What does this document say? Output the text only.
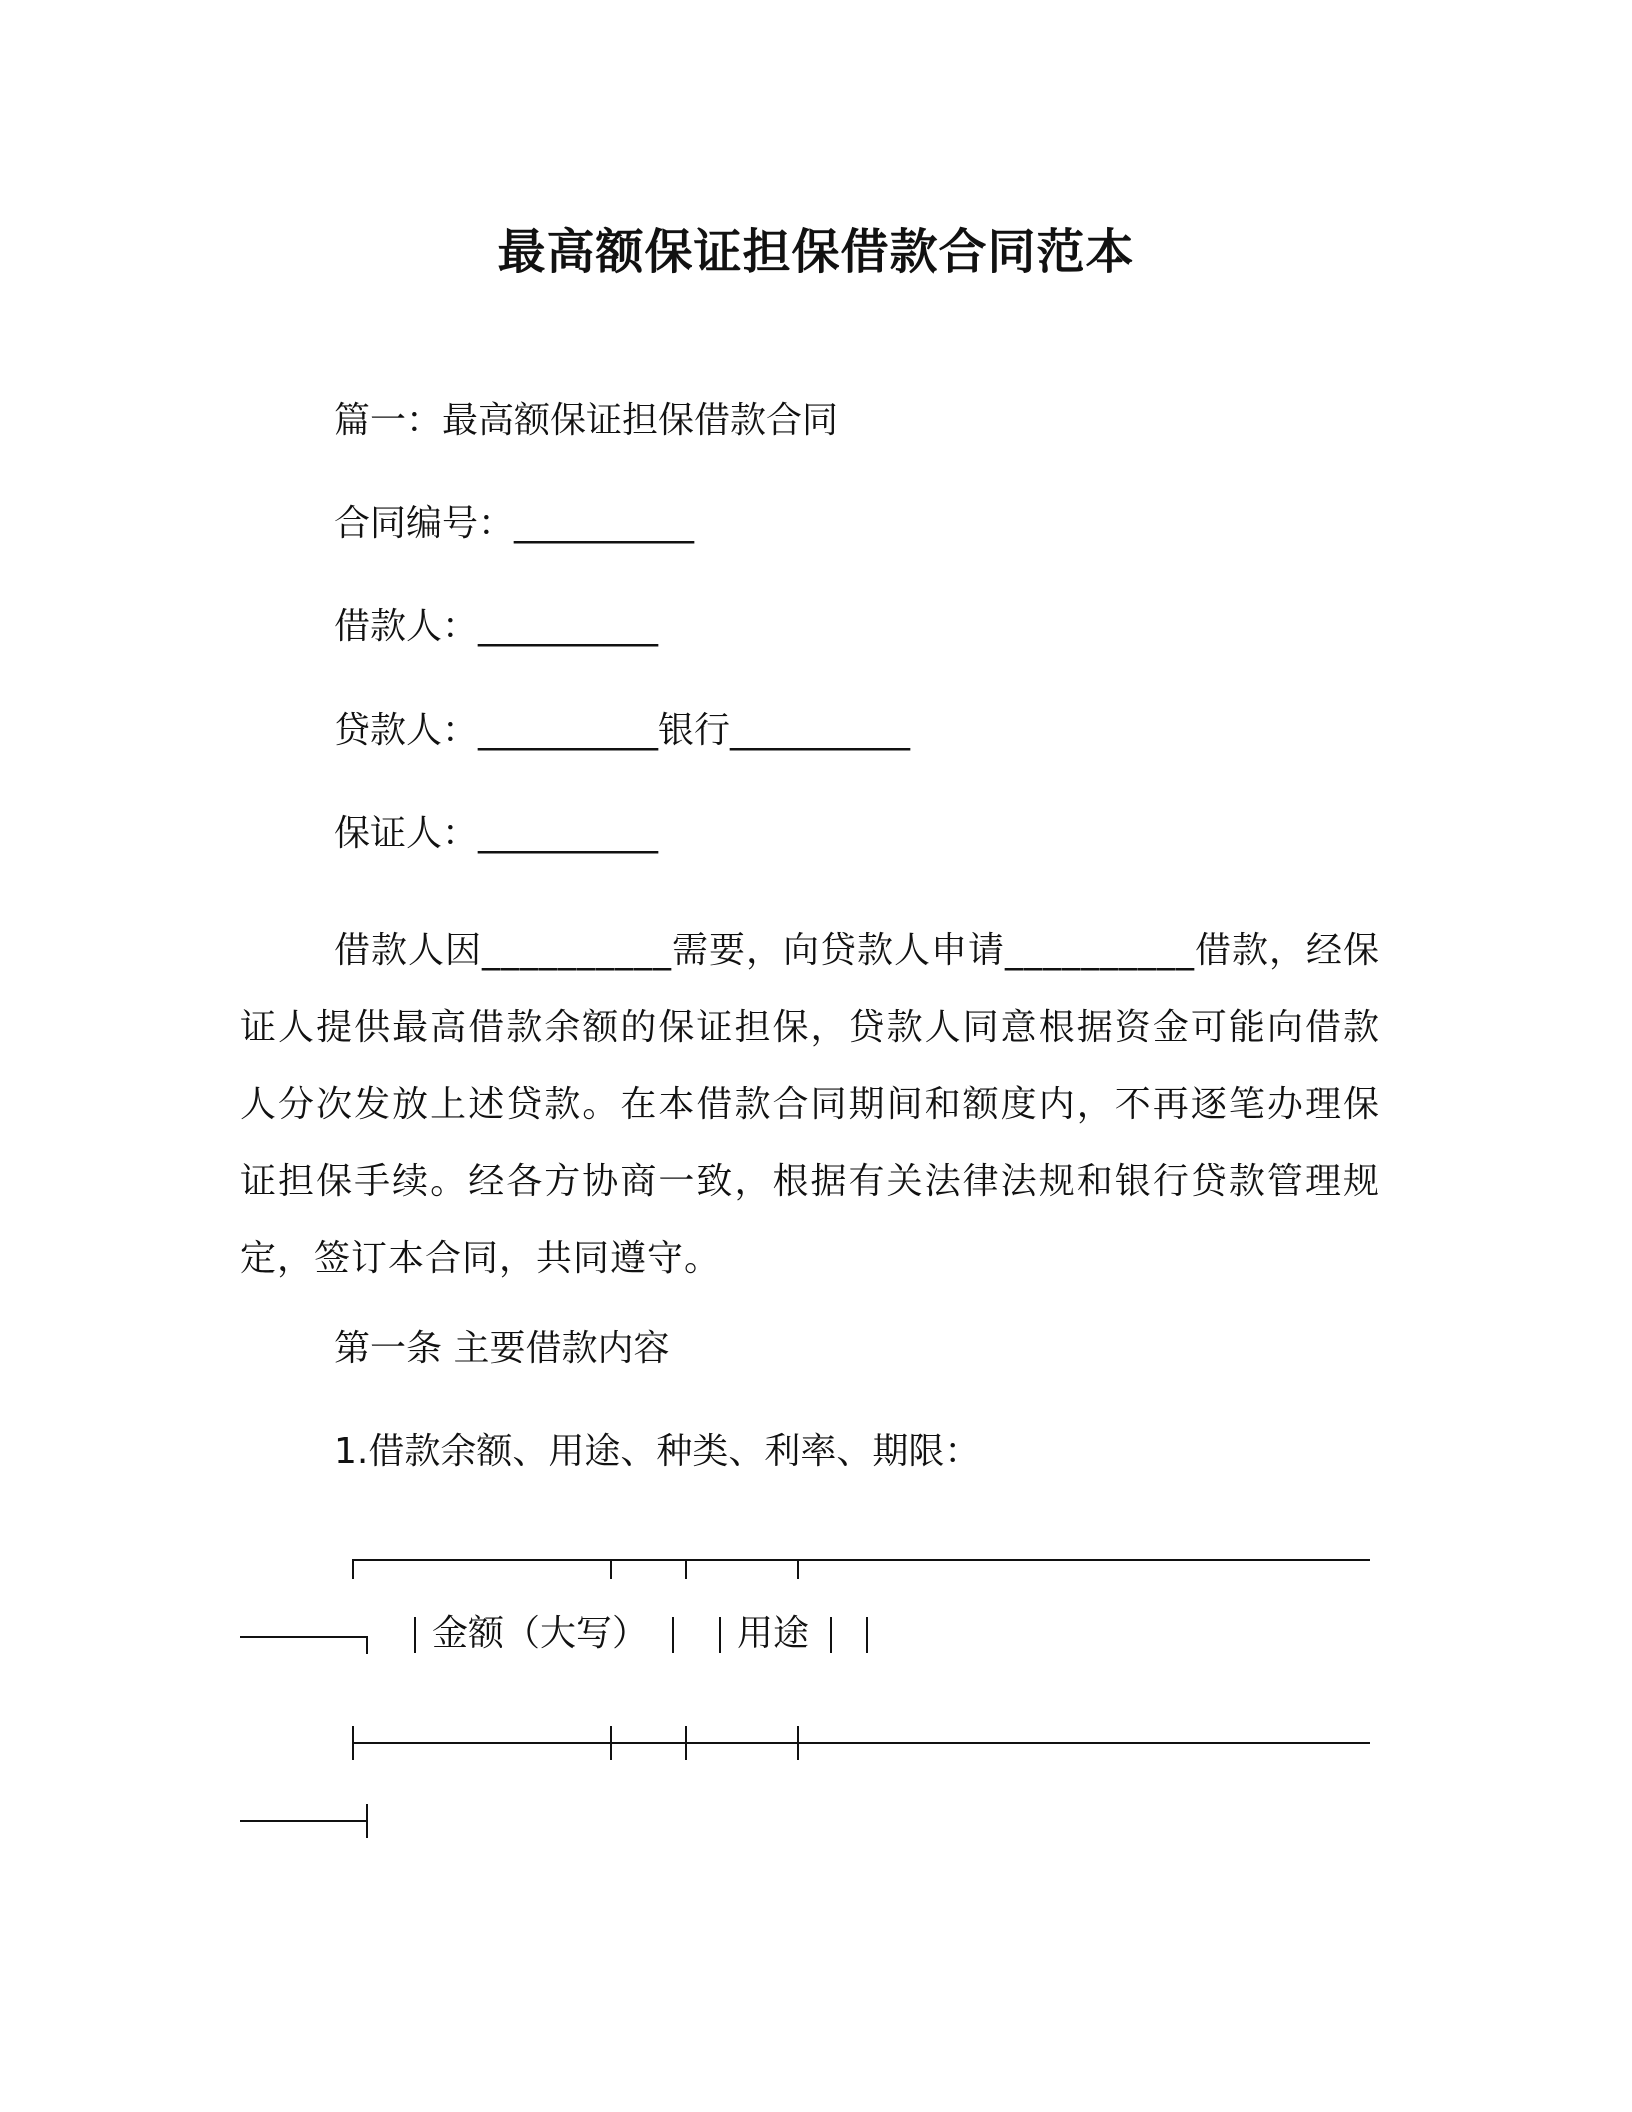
最高额保证担保借款合同范本
篇一：最高额保证担保借款合同
合同编号：__________
借款人：__________
贷款人：__________银行__________
保证人：__________
借款人因__________需要，向贷款人申请__________借款，经保证人提供最高借款余额的保证担保，贷款人同意根据资金可能向借款人分次发放上述贷款。在本借款合同期间和额度内，不再逐笔办理保证担保手续。经各方协商一致，根据有关法律法规和银行贷款管理规定，签订本合同，共同遵守。
第一条 主要借款内容
1.借款余额、用途、种类、利率、期限：
金额（大写） 用途
